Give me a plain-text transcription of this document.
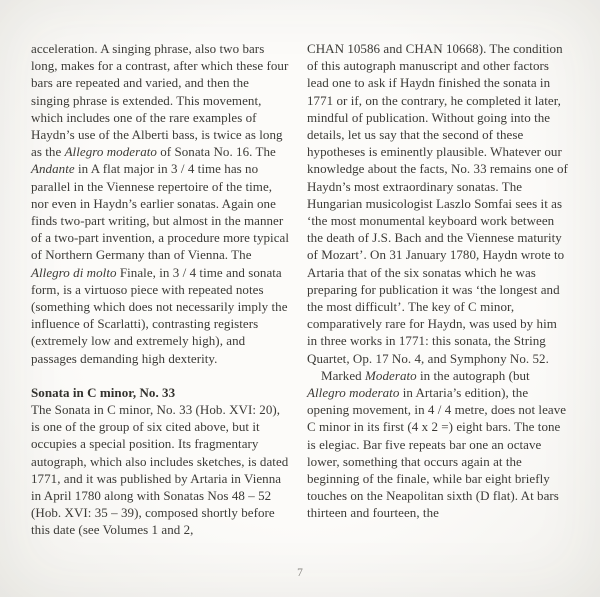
acceleration. A singing phrase, also two bars long, makes for a contrast, after which these four bars are repeated and varied, and then the singing phrase is extended. This movement, which includes one of the rare examples of Haydn’s use of the Alberti bass, is twice as long as the Allegro moderato of Sonata No. 16. The Andante in A flat major in 3 / 4 time has no parallel in the Viennese repertoire of the time, nor even in Haydn’s earlier sonatas. Again one finds two-part writing, but almost in the manner of a two-part invention, a procedure more typical of Northern Germany than of Vienna. The Allegro di molto Finale, in 3 / 4 time and sonata form, is a virtuoso piece with repeated notes (something which does not necessarily imply the influence of Scarlatti), contrasting registers (extremely low and extremely high), and passages demanding high dexterity.
Sonata in C minor, No. 33
The Sonata in C minor, No. 33 (Hob. XVI: 20), is one of the group of six cited above, but it occupies a special position. Its fragmentary autograph, which also includes sketches, is dated 1771, and it was published by Artaria in Vienna in April 1780 along with Sonatas Nos 48 – 52 (Hob. XVI: 35 – 39), composed shortly before this date (see Volumes 1 and 2,
CHAN 10586 and CHAN 10668). The condition of this autograph manuscript and other factors lead one to ask if Haydn finished the sonata in 1771 or if, on the contrary, he completed it later, mindful of publication. Without going into the details, let us say that the second of these hypotheses is eminently plausible. Whatever our knowledge about the facts, No. 33 remains one of Haydn’s most extraordinary sonatas. The Hungarian musicologist Laszlo Somfai sees it as ‘the most monumental keyboard work between the death of J.S. Bach and the Viennese maturity of Mozart’. On 31 January 1780, Haydn wrote to Artaria that of the six sonatas which he was preparing for publication it was ‘the longest and the most difficult’. The key of C minor, comparatively rare for Haydn, was used by him in three works in 1771: this sonata, the String Quartet, Op. 17 No. 4, and Symphony No. 52.
Marked Moderato in the autograph (but Allegro moderato in Artaria’s edition), the opening movement, in 4 / 4 metre, does not leave C minor in its first (4 x 2 =) eight bars. The tone is elegiac. Bar five repeats bar one an octave lower, something that occurs again at the beginning of the finale, while bar eight briefly touches on the Neapolitan sixth (D flat). At bars thirteen and fourteen, the
7
